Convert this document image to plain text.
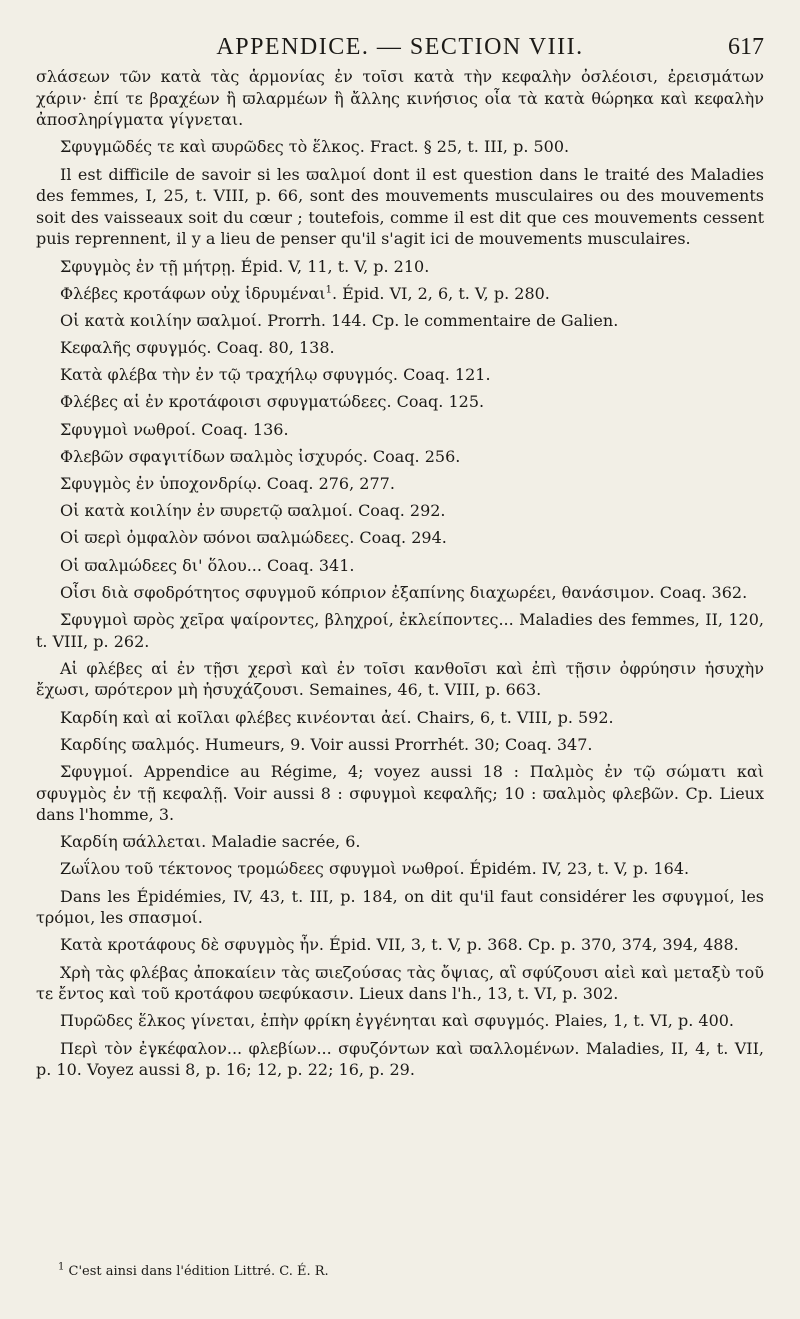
APPENDICE. — SECTION VIII.	617

σλάσεων τῶν κατὰ τὰς ἁρμονίας ἐν τοῖσι κατὰ τὴν κεφαλὴν ὀσλέοισι, ἐρεισμάτων χάριν· ἐπί τε βραχέων ἢ ϖλαρμέων ἢ ἄλλης κινήσιος οἷα τὰ κατὰ θώρηκα καὶ κεφαλὴν ἀποσληρίγματα γίγνεται.

Σφυγμῶδές τε καὶ ϖυρῶδες τὸ ἕλκος. Fract. § 25, t. III, p. 500.

Il est difficile de savoir si les ϖαλμοί dont il est question dans le traité des Maladies des femmes, I, 25, t. VIII, p. 66, sont des mouvements musculaires ou des mouvements soit des vaisseaux soit du cœur ; toutefois, comme il est dit que ces mouvements cessent puis reprennent, il y a lieu de penser qu'il s'agit ici de mouvements musculaires.

Σφυγμὸς ἐν τῇ μήτρῃ. Épid. V, 11, t. V, p. 210.

Φλέβες κροτάφων οὐχ ἱδρυμέναι$^1$. Épid. VI, 2, 6, t. V, p. 280.

Οἱ κατὰ κοιλίην ϖαλμοί. Prorrh. 144. Cp. le commentaire de Galien.

Κεφαλῆς σφυγμός. Coaq. 80, 138.

Κατὰ φλέβα τὴν ἐν τῷ τραχήλῳ σφυγμός. Coaq. 121.

Φλέβες αἱ ἐν κροτάφοισι σφυγματώδεες. Coaq. 125.

Σφυγμοὶ νωθροί. Coaq. 136.

Φλεβῶν σφαγιτίδων ϖαλμὸς ἰσχυρός. Coaq. 256.

Σφυγμὸς ἐν ὑποχονδρίῳ. Coaq. 276, 277.

Οἱ κατὰ κοιλίην ἐν ϖυρετῷ ϖαλμοί. Coaq. 292.

Οἱ ϖερὶ ὀμφαλὸν ϖόνοι ϖαλμώδεες. Coaq. 294.

Οἱ ϖαλμώδεες δι' ὅλου... Coaq. 341.

Οἷσι διὰ σφοδρότητος σφυγμοῦ κόπριον ἐξαπίνης διαχωρέει, θανάσιμον. Coaq. 362.

Σφυγμοὶ ϖρὸς χεῖρα ψαίροντες, βληχροί, ἐκλείποντες... Maladies des femmes, II, 120, t. VIII, p. 262.

Αἱ φλέβες αἱ ἐν τῇσι χερσὶ καὶ ἐν τοῖσι κανθοῖσι καὶ ἐπὶ τῇσιν ὀφρύησιν ἡσυχὴν ἔχωσι, ϖρότερον μὴ ἡσυχάζουσι. Semaines, 46, t. VIII, p. 663.

Καρδίη καὶ αἱ κοῖλαι φλέβες κινέονται ἀεί. Chairs, 6, t. VIII, p. 592.

Καρδίης ϖαλμός. Humeurs, 9. Voir aussi Prorrhét. 30; Coaq. 347.

Σφυγμοί. Appendice au Régime, 4; voyez aussi 18 : Παλμὸς ἐν τῷ σώματι καὶ σφυγμὸς ἐν τῇ κεφαλῇ. Voir aussi 8 : σφυγμοὶ κεφαλῆς; 10 : ϖαλμὸς φλεβῶν. Cp. Lieux dans l'homme, 3.

Καρδίη ϖάλλεται. Maladie sacrée, 6.

Ζωΐλου τοῦ τέκτονος τρομώδεες σφυγμοὶ νωθροί. Épidém. IV, 23, t. V, p. 164.

Dans les Épidémies, IV, 43, t. III, p. 184, on dit qu'il faut considérer les σφυγμοί, les τρόμοι, les σπασμοί.

Κατὰ κροτάφους δὲ σφυγμὸς ἦν. Épid. VII, 3, t. V, p. 368. Cp. p. 370, 374, 394, 488.

Χρὴ τὰς φλέβας ἀποκαίειν τὰς ϖιεζούσας τὰς ὄψιας, αἳ σφύζουσι αἰεὶ καὶ μεταξὺ τοῦ τε ἔντος καὶ τοῦ κροτάφου ϖεφύκασιν. Lieux dans l'h., 13, t. VI, p. 302.

Πυρῶδες ἕλκος γίνεται, ἐπὴν φρίκη ἐγγένηται καὶ σφυγμός. Plaies, 1, t. VI, p. 400.

Περὶ τὸν ἐγκέφαλον... φλεβίων... σφυζόντων καὶ ϖαλλομένων. Maladies, II, 4, t. VII, p. 10. Voyez aussi 8, p. 16; 12, p. 22; 16, p. 29.

$^1$ C'est ainsi dans l'édition Littré. C. É. R.
